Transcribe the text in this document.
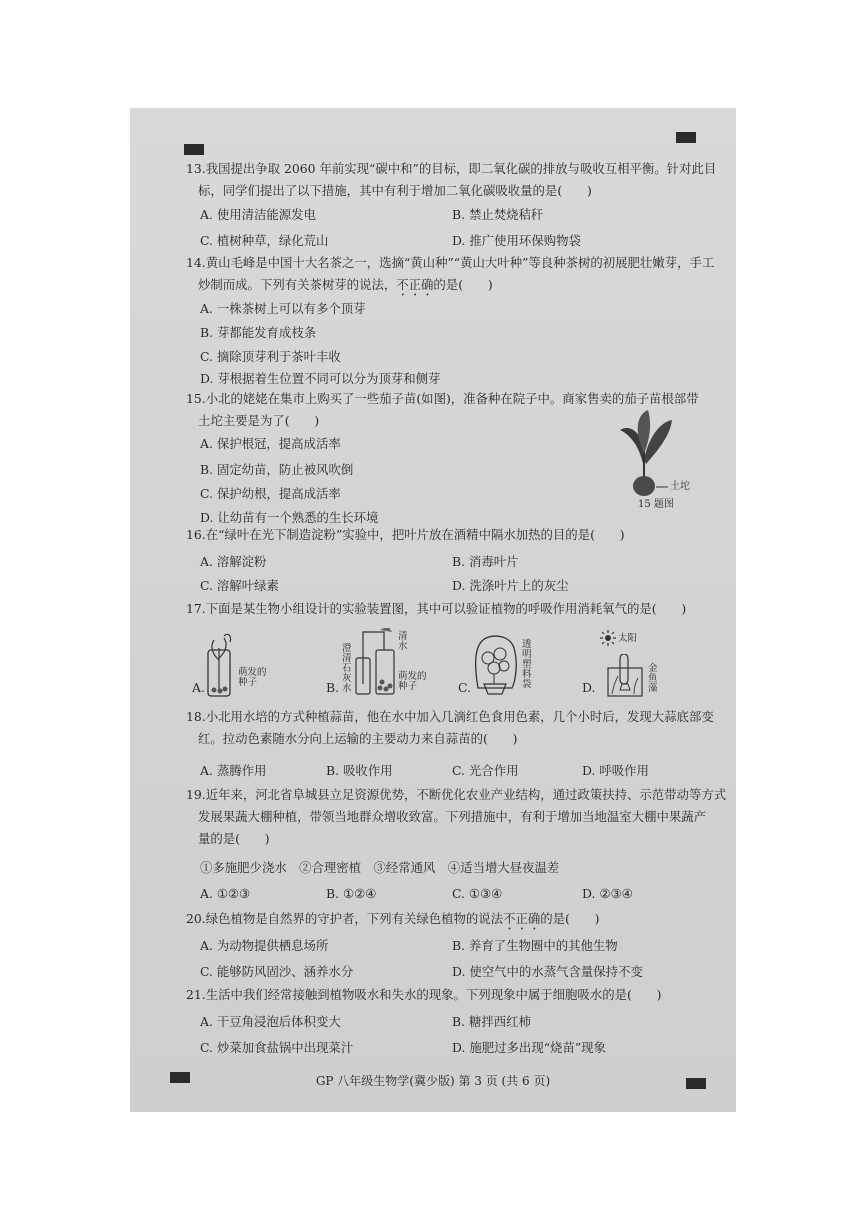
13.我国提出争取 2060 年前实现“碳中和”的目标，即二氧化碳的排放与吸收互相平衡。针对此目
标，同学们提出了以下措施，其中有利于增加二氧化碳吸收量的是(　　)
A. 使用清洁能源发电	B. 禁止焚烧秸秆
C. 植树种草，绿化荒山	D. 推广使用环保购物袋
14.黄山毛峰是中国十大名茶之一，选摘“黄山种”“黄山大叶种”等良种茶树的初展肥壮嫩芽，手工
炒制而成。下列有关茶树芽的说法，不正确的是(　　)
A. 一株茶树上可以有多个顶芽
B. 芽都能发育成枝条
C. 摘除顶芽利于茶叶丰收
D. 芽根据着生位置不同可以分为顶芽和侧芽
15.小北的姥姥在集市上购买了一些茄子苗(如图)，准备种在院子中。商家售卖的茄子苗根部带
土坨主要是为了(　　)
A. 保护根冠，提高成活率
B. 固定幼苗，防止被风吹倒
C. 保护幼根，提高成活率
D. 让幼苗有一个熟悉的生长环境
土坨
15 题图
16.在“绿叶在光下制造淀粉”实验中，把叶片放在酒精中隔水加热的目的是(　　)
A. 溶解淀粉	B. 消毒叶片
C. 溶解叶绿素	D. 洗涤叶片上的灰尘
17.下面是某生物小组设计的实验装置图，其中可以验证植物的呼吸作用消耗氧气的是(　　)
A.
萌发的种子	B.
澄清石灰水
清水
萌发的种子	C.
透明塑料袋	D.
太阳
金鱼藻
18.小北用水培的方式种植蒜苗，他在水中加入几滴红色食用色素，几个小时后，发现大蒜底部变
红。拉动色素随水分向上运输的主要动力来自蒜苗的(　　)
A. 蒸腾作用	B. 吸收作用	C. 光合作用	D. 呼吸作用
19.近年来，河北省阜城县立足资源优势，不断优化农业产业结构，通过政策扶持、示范带动等方式
发展果蔬大棚种植，带领当地群众增收致富。下列措施中，有利于增加当地温室大棚中果蔬产
量的是(　　)
①多施肥少浇水　②合理密植　③经常通风　④适当增大昼夜温差
A. ①②③	B. ①②④	C. ①③④	D. ②③④
20.绿色植物是自然界的守护者，下列有关绿色植物的说法不正确的是(　　)
A. 为动物提供栖息场所	B. 养育了生物圈中的其他生物
C. 能够防风固沙、涵养水分	D. 使空气中的水蒸气含量保持不变
21.生活中我们经常接触到植物吸水和失水的现象。下列现象中属于细胞吸水的是(　　)
A. 干豆角浸泡后体积变大	B. 糖拌西红柿
C. 炒菜加食盐锅中出现菜汁	D. 施肥过多出现“烧苗”现象
GP 八年级生物学(冀少版) 第 3 页 (共 6 页)
